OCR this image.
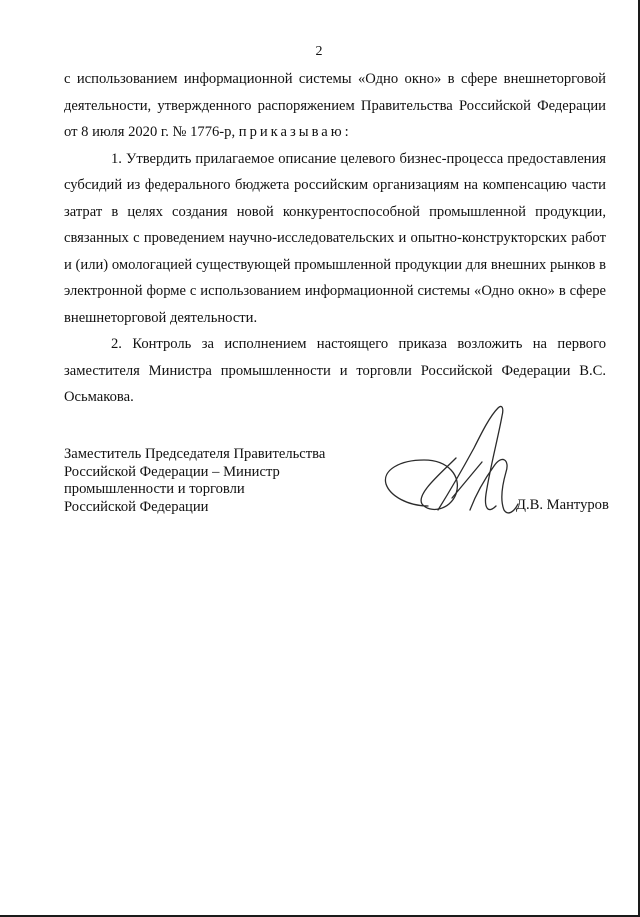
2

с использованием информационной системы «Одно окно» в сфере внешнеторговой деятельности, утвержденного распоряжением Правительства Российской Федерации от 8 июля 2020 г. № 1776-р, приказываю:

1. Утвердить прилагаемое описание целевого бизнес-процесса предоставления субсидий из федерального бюджета российским организациям на компенсацию части затрат в целях создания новой конкурентоспособной промышленной продукции, связанных с проведением научно-исследовательских и опытно-конструкторских работ и (или) омологацией существующей промышленной продукции для внешних рынков в электронной форме с использованием информационной системы «Одно окно» в сфере внешнеторговой деятельности.

2. Контроль за исполнением настоящего приказа возложить на первого заместителя Министра промышленности и торговли Российской Федерации В.С. Осьмакова.

Заместитель Председателя Правительства
Российской Федерации – Министр
промышленности и торговли
Российской Федерации	Д.В. Мантуров
